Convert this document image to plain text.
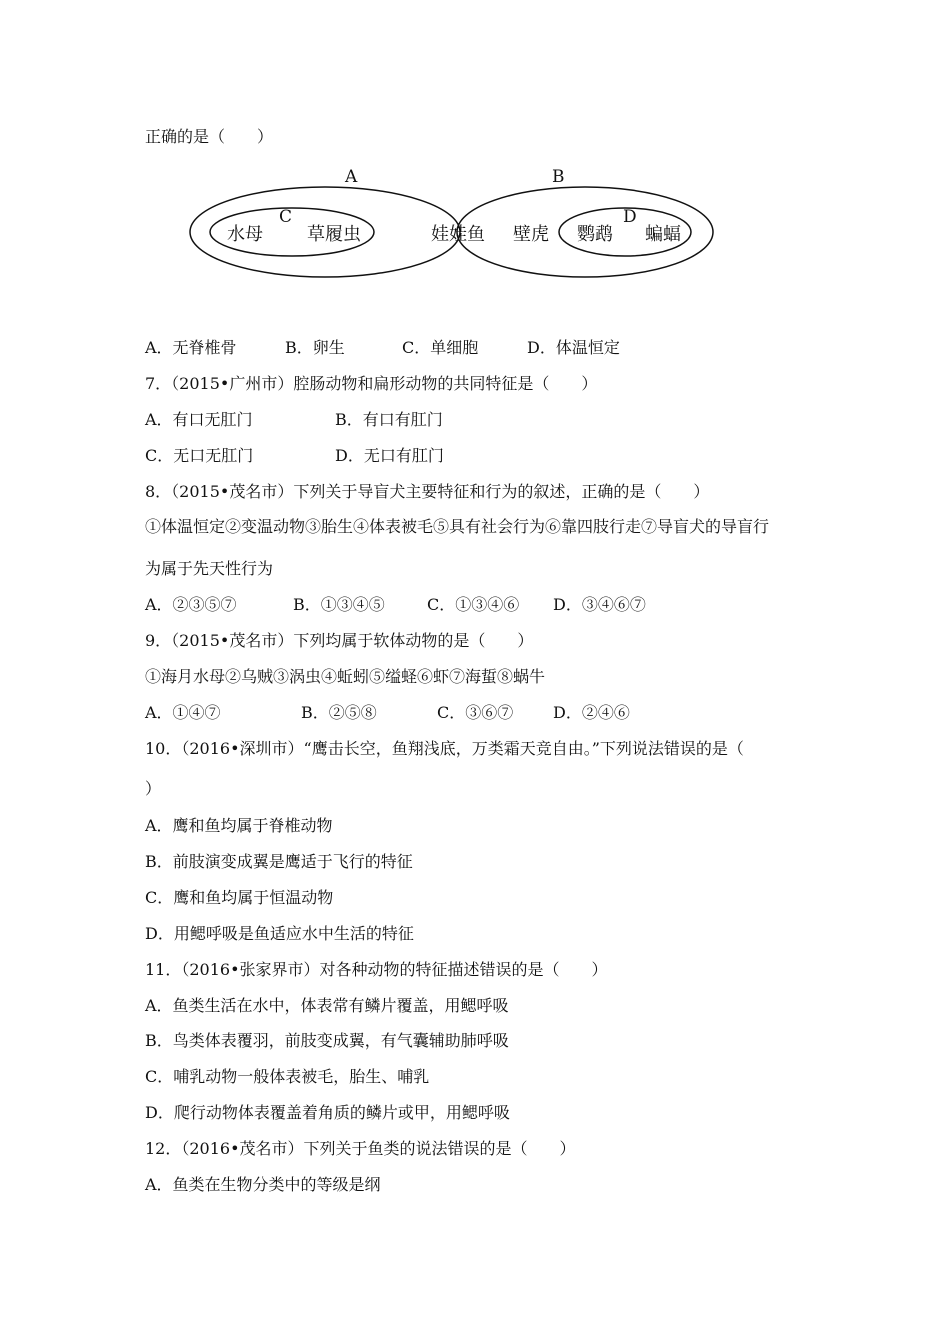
正确的是（　　）
A	B
C	D
水母 草履虫	娃娃鱼 壁虎 鹦鹉 蝙蝠
A．无脊椎骨	B．卵生	C．单细胞	D．体温恒定
7．（2015•广州市）腔肠动物和扁形动物的共同特征是（　　）
A．有口无肛门	B．有口有肛门
C．无口无肛门	D．无口有肛门
8．（2015•茂名市）下列关于导盲犬主要特征和行为的叙述，正确的是（　　）
①体温恒定②变温动物③胎生④体表被毛⑤具有社会行为⑥靠四肢行走⑦导盲犬的导盲行
为属于先天性行为
A．②③⑤⑦	B．①③④⑤	C．①③④⑥ D．③④⑥⑦
9．（2015•茂名市）下列均属于软体动物的是（　　）
①海月水母②乌贼③涡虫④蚯蚓⑤缢蛏⑥虾⑦海蜇⑧蜗牛
A．①④⑦	B．②⑤⑧	C．③⑥⑦ D．②④⑥
10．（2016•深圳市）“鹰击长空，鱼翔浅底，万类霜天竞自由。”下列说法错误的是（
）
A．鹰和鱼均属于脊椎动物
B．前肢演变成翼是鹰适于飞行的特征
C．鹰和鱼均属于恒温动物
D．用鳃呼吸是鱼适应水中生活的特征
11．（2016•张家界市）对各种动物的特征描述错误的是（　　）
A．鱼类生活在水中，体表常有鳞片覆盖，用鳃呼吸
B．鸟类体表覆羽，前肢变成翼，有气囊辅助肺呼吸
C．哺乳动物一般体表被毛，胎生、哺乳
D．爬行动物体表覆盖着角质的鳞片或甲，用鳃呼吸
12．（2016•茂名市）下列关于鱼类的说法错误的是（　　）
A．鱼类在生物分类中的等级是纲
